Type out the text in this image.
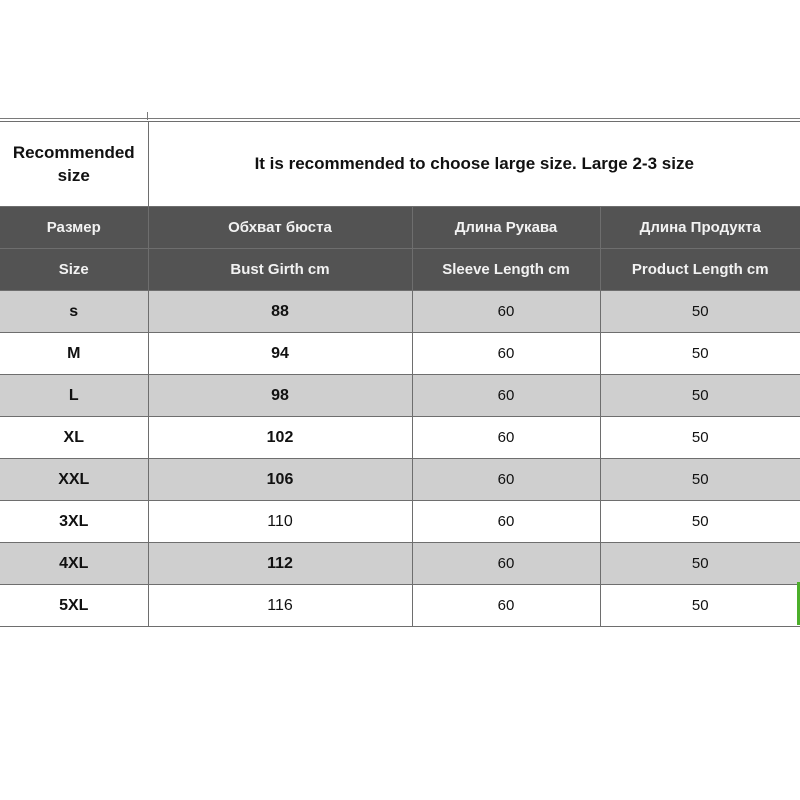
Recommended size	It is recommended to choose large size. Large 2-3 size		
Размер	Обхват бюста	Длина Рукава	Длина Продукта
Size	Bust Girth cm	Sleeve Length cm	Product Length cm
s	88	60	50
M	94	60	50
L	98	60	50
XL	102	60	50
XXL	106	60	50
3XL	110	60	50
4XL	112	60	50
5XL	116	60	50
